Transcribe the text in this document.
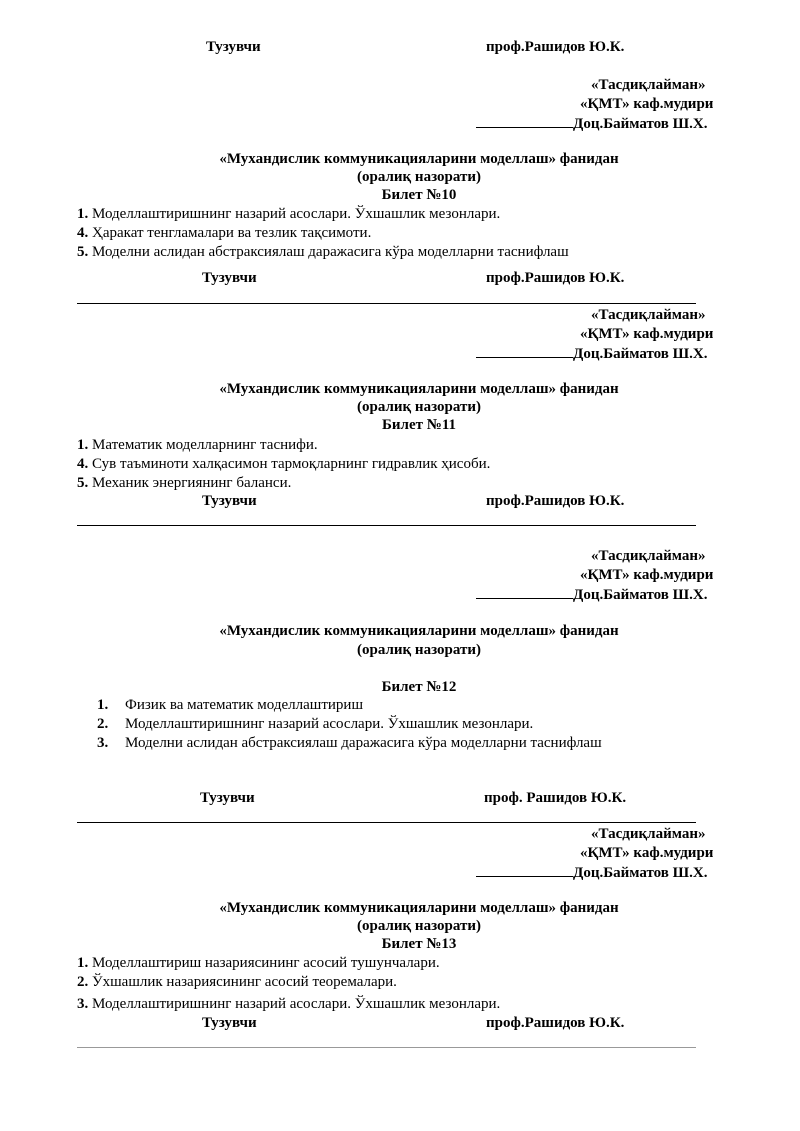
Тузувчи	проф.Рашидов Ю.К.
«Тасдиқлайман»
«ҚМТ» каф.мудири
Доц.Байматов Ш.Х.
«Мухандислик коммуникацияларини моделлаш» фанидан
(оралиқ назорати)
Билет №10
1. Моделлаштиришнинг назарий асослари. Ўхшашлик мезонлари.
4. Ҳаракат тенгламалари ва тезлик тақсимоти.
5. Моделни аслидан абстраксиялаш даражасига кўра моделларни таснифлаш
Тузувчи	проф.Рашидов Ю.К.
«Тасдиқлайман»
«ҚМТ» каф.мудири
Доц.Байматов Ш.Х.
«Мухандислик коммуникацияларини моделлаш» фанидан
(оралиқ назорати)
Билет №11
1. Математик моделларнинг таснифи.
4. Сув таъминоти халқасимон тармоқларнинг гидравлик ҳисоби.
5. Механик энергиянинг баланси.
Тузувчи	проф.Рашидов Ю.К.
«Тасдиқлайман»
«ҚМТ» каф.мудири
Доц.Байматов Ш.Х.
«Мухандислик коммуникацияларини моделлаш» фанидан
(оралиқ назорати)
Билет №12
1. Физик ва математик моделлаштириш
2. Моделлаштиришнинг назарий асослари. Ўхшашлик мезонлари.
3. Моделни аслидан абстраксиялаш даражасига кўра моделларни таснифлаш
Тузувчи	проф. Рашидов Ю.К.
«Тасдиқлайман»
«ҚМТ» каф.мудири
Доц.Байматов Ш.Х.
«Мухандислик коммуникацияларини моделлаш» фанидан
(оралиқ назорати)
Билет №13
1. Моделлаштириш назариясининг асосий тушунчалари.
2. Ўхшашлик назариясининг асосий теоремалари.
3. Моделлаштиришнинг назарий асослари. Ўхшашлик мезонлари.
Тузувчи	проф.Рашидов Ю.К.
